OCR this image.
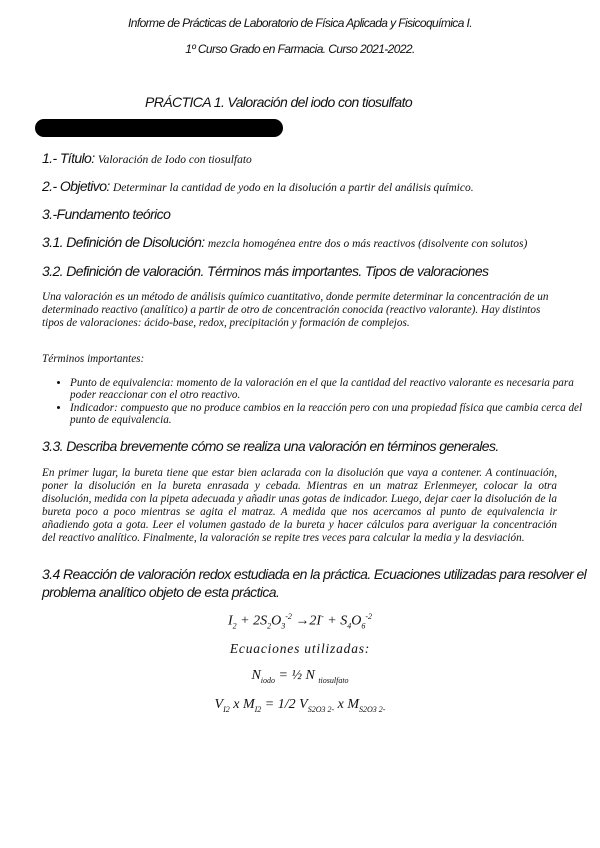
Informe de Prácticas de Laboratorio de Física Aplicada y Fisicoquímica I.
1º Curso Grado en Farmacia. Curso 2021-2022.
PRÁCTICA 1. Valoración del iodo con tiosulfato
1.- Título: Valoración de Iodo con tiosulfato
2.- Objetivo: Determinar la cantidad de yodo en la disolución a partir del análisis químico.
3.-Fundamento teórico
3.1. Definición de Disolución: mezcla homogénea entre dos o más reactivos (disolvente con solutos)
3.2. Definición de valoración. Términos más importantes. Tipos de valoraciones
Una valoración es un método de análisis químico cuantitativo, donde permite determinar la concentración de un determinado reactivo (analítico) a partir de otro de concentración conocida (reactivo valorante). Hay distintos tipos de valoraciones: ácido-base, redox, precipitación y formación de complejos.
Términos importantes:
• Punto de equivalencia: momento de la valoración en el que la cantidad del reactivo valorante es necesaria para poder reaccionar con el otro reactivo.
• Indicador: compuesto que no produce cambios en la reacción pero con una propiedad física que cambia cerca del punto de equivalencia.
3.3. Describa brevemente cómo se realiza una valoración en términos generales.
En primer lugar, la bureta tiene que estar bien aclarada con la disolución que vaya a contener. A continuación, poner la disolución en la bureta enrasada y cebada. Mientras en un matraz Erlenmeyer, colocar la otra disolución, medida con la pipeta adecuada y añadir unas gotas de indicador. Luego, dejar caer la disolución de la bureta poco a poco mientras se agita el matraz. A medida que nos acercamos al punto de equivalencia ir añadiendo gota a gota. Leer el volumen gastado de la bureta y hacer cálculos para averiguar la concentración del reactivo analítico. Finalmente, la valoración se repite tres veces para calcular la media y la desviación.
3.4 Reacción de valoración redox estudiada en la práctica. Ecuaciones utilizadas para resolver el
problema analítico objeto de esta práctica.
$I_2 + 2S_2O_3^{-2} \to 2I^- + S_4O_6^{-2}$
Ecuaciones utilizadas:
$N_{iodo}$ = ½ N $_{tiosulfato}$
$V_{I2}$ x $M_{I2} = 1/2$ $V_{S2O3 2-}$ x $M_{S2O3 2-}$
